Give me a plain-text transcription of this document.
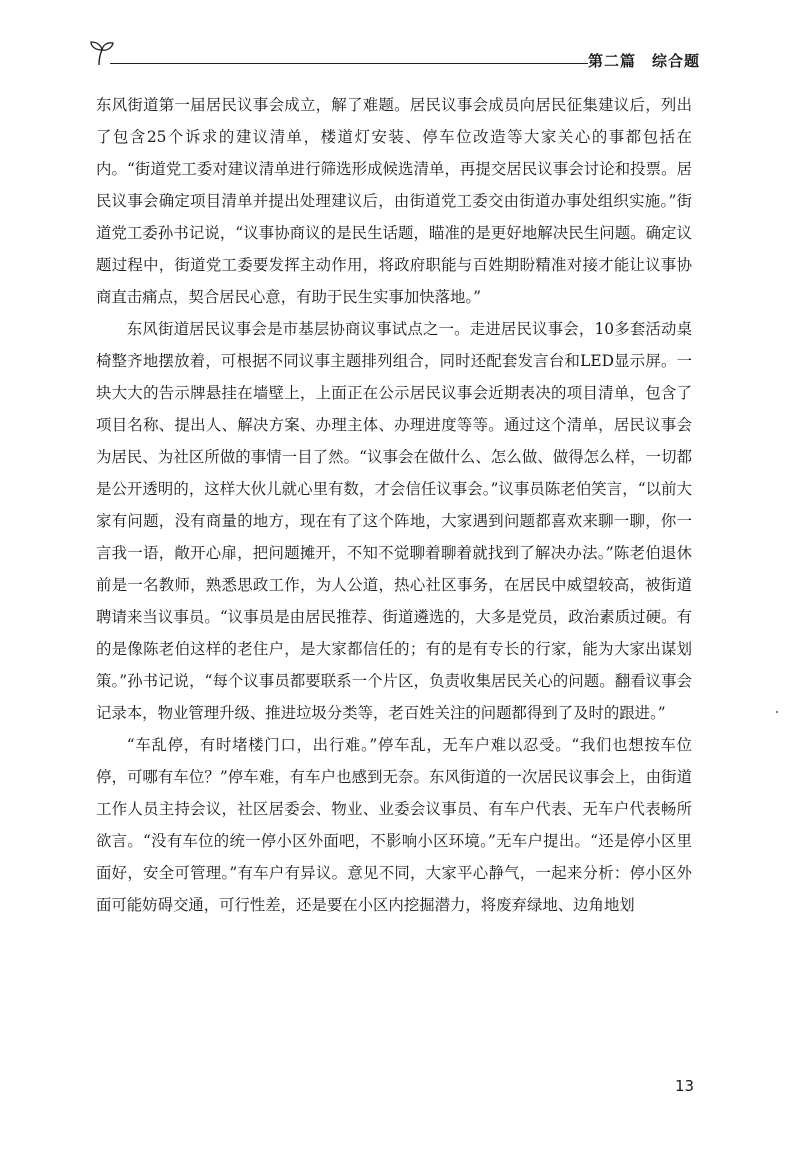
第二篇　综合题

东风街道第一届居民议事会成立，解了难题。居民议事会成员向居民征集建议后，列出了包含25个诉求的建议清单，楼道灯安装、停车位改造等大家关心的事都包括在内。“街道党工委对建议清单进行筛选形成候选清单，再提交居民议事会讨论和投票。居民议事会确定项目清单并提出处理建议后，由街道党工委交由街道办事处组织实施。”街道党工委孙书记说，“议事协商议的是民生话题，瞄准的是更好地解决民生问题。确定议题过程中，街道党工委要发挥主动作用，将政府职能与百姓期盼精准对接才能让议事协商直击痛点，契合居民心意，有助于民生实事加快落地。”

东风街道居民议事会是市基层协商议事试点之一。走进居民议事会，10多套活动桌椅整齐地摆放着，可根据不同议事主题排列组合，同时还配套发言台和LED显示屏。一块大大的告示牌悬挂在墙壁上，上面正在公示居民议事会近期表决的项目清单，包含了项目名称、提出人、解决方案、办理主体、办理进度等等。通过这个清单，居民议事会为居民、为社区所做的事情一目了然。“议事会在做什么、怎么做、做得怎么样，一切都是公开透明的，这样大伙儿就心里有数，才会信任议事会。”议事员陈老伯笑言，“以前大家有问题，没有商量的地方，现在有了这个阵地，大家遇到问题都喜欢来聊一聊，你一言我一语，敞开心扉，把问题摊开，不知不觉聊着聊着就找到了解决办法。”陈老伯退休前是一名教师，熟悉思政工作，为人公道，热心社区事务，在居民中威望较高，被街道聘请来当议事员。“议事员是由居民推荐、街道遴选的，大多是党员，政治素质过硬。有的是像陈老伯这样的老住户，是大家都信任的；有的是有专长的行家，能为大家出谋划策。”孙书记说，“每个议事员都要联系一个片区，负责收集居民关心的问题。翻看议事会记录本，物业管理升级、推进垃圾分类等，老百姓关注的问题都得到了及时的跟进。”

“车乱停，有时堵楼门口，出行难。”停车乱，无车户难以忍受。“我们也想按车位停，可哪有车位？”停车难，有车户也感到无奈。东风街道的一次居民议事会上，由街道工作人员主持会议，社区居委会、物业、业委会议事员、有车户代表、无车户代表畅所欲言。“没有车位的统一停小区外面吧，不影响小区环境。”无车户提出。“还是停小区里面好，安全可管理。”有车户有异议。意见不同，大家平心静气，一起来分析：停小区外面可能妨碍交通，可行性差，还是要在小区内挖掘潜力，将废弃绿地、边角地划

13
